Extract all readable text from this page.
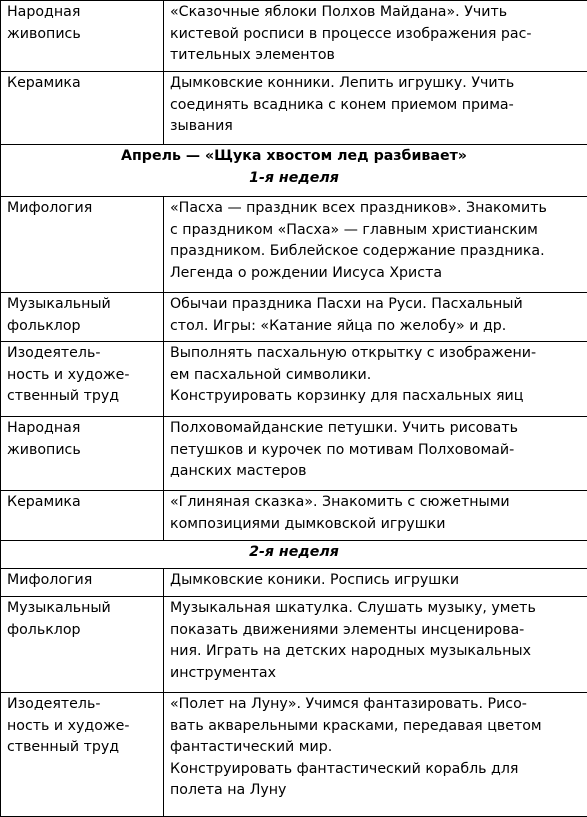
Народная
живопись	«Сказочные яблоки Полхов Майдана». Учить
кистевой росписи в процессе изображения рас-
тительных элементов

Керамика	Дымковские конники. Лепить игрушку. Учить
соединять всадника с конем приемом прима-
зывания

Апрель — «Щука хвостом лед разбивает»
1-я неделя	

Мифология	«Пасха — праздник всех праздников». Знакомить
с праздником «Пасха» — главным христианским
праздником. Библейское содержание праздника.
Легенда о рождении Иисуса Христа

Музыкальный
фольклор	Обычаи праздника Пасхи на Руси. Пасхальный
стол. Игры: «Катание яйца по желобу» и др.

Изодеятель-
ность и художе-
ственный труд	Выполнять пасхальную открытку с изображени-
ем пасхальной символики.
Конструировать корзинку для пасхальных яиц

Народная
живопись	Полховомайданские петушки. Учить рисовать
петушков и курочек по мотивам Полховомай-
данских мастеров

Керамика	«Глиняная сказка». Знакомить с сюжетными
композициями дымковской игрушки

2-я неделя	

Мифология	Дымковские коники. Роспись игрушки

Музыкальный
фольклор	Музыкальная шкатулка. Слушать музыку, уметь
показать движениями элементы инсценирова-
ния. Играть на детских народных музыкальных
инструментах

Изодеятель-
ность и художе-
ственный труд	«Полет на Луну». Учимся фантазировать. Рисо-
вать акварельными красками, передавая цветом
фантастический мир.
Конструировать фантастический корабль для
полета на Луну
